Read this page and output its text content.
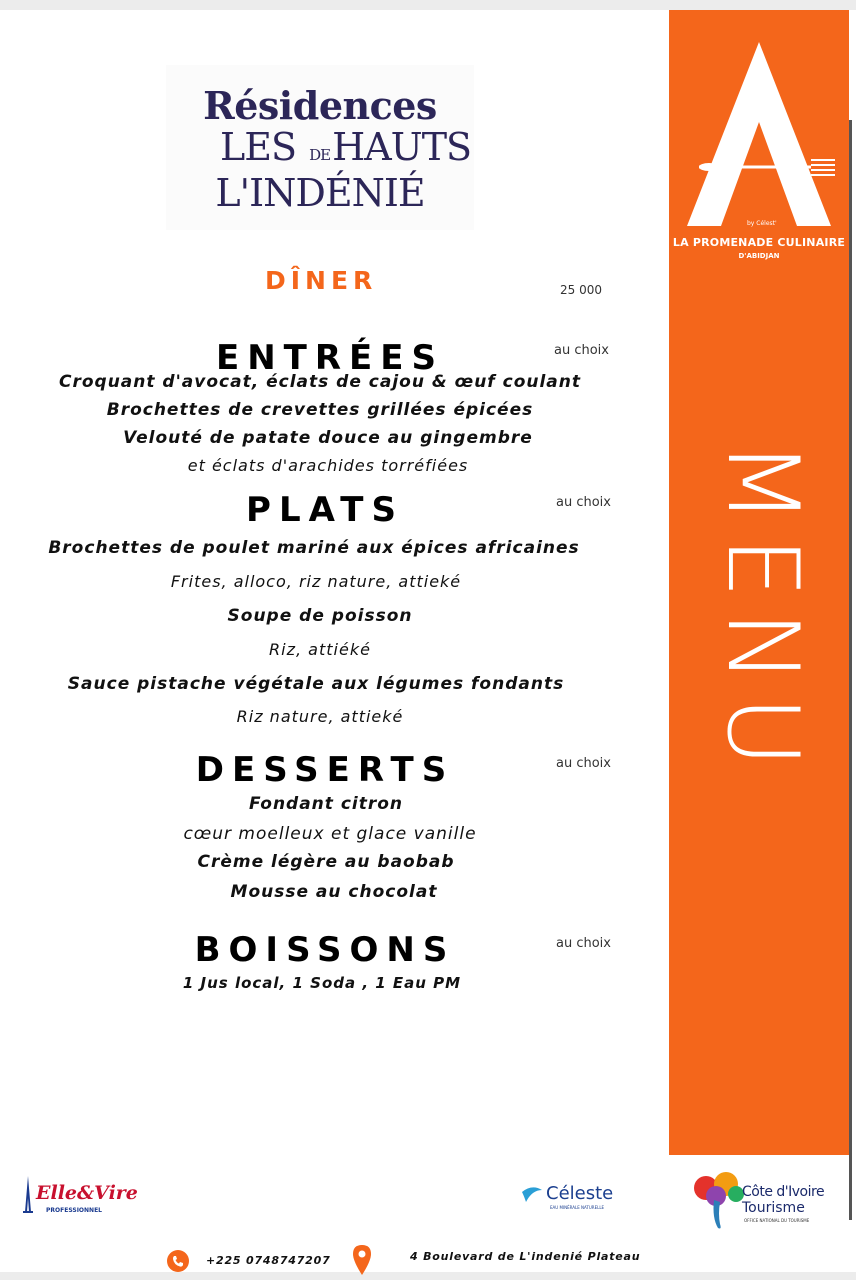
Résidences
LES DEHAUTS
L'INDÉNIÉ
DÎNER	25 000
ENTRÉES	au choix
Croquant d'avocat, éclats de cajou & œuf coulant
Brochettes de crevettes grillées épicées
Velouté de patate douce au gingembre
et éclats d'arachides torréfiées
PLATS	au choix
Brochettes de poulet mariné aux épices africaines
Frites, alloco, riz nature, attieké
Soupe de poisson
Riz, attiéké
Sauce pistache végétale aux légumes fondants
Riz nature, attieké
DESSERTS	au choix
Fondant citron
cœur moelleux et glace vanille
Crème légère au baobab
Mousse au chocolat
BOISSONS	au choix
1 Jus local, 1 Soda , 1 Eau PM
by Célest'
LA PROMENADE CULINAIRE
D'ABIDJAN
MENU
Elle&Vire
PROFESSIONNEL
Céleste
EAU MINÉRALE NATURELLE
Côte d'Ivoire
Tourisme
OFFICE NATIONAL DU TOURISME
+225 0748747207	4 Boulevard de L'indenié Plateau
